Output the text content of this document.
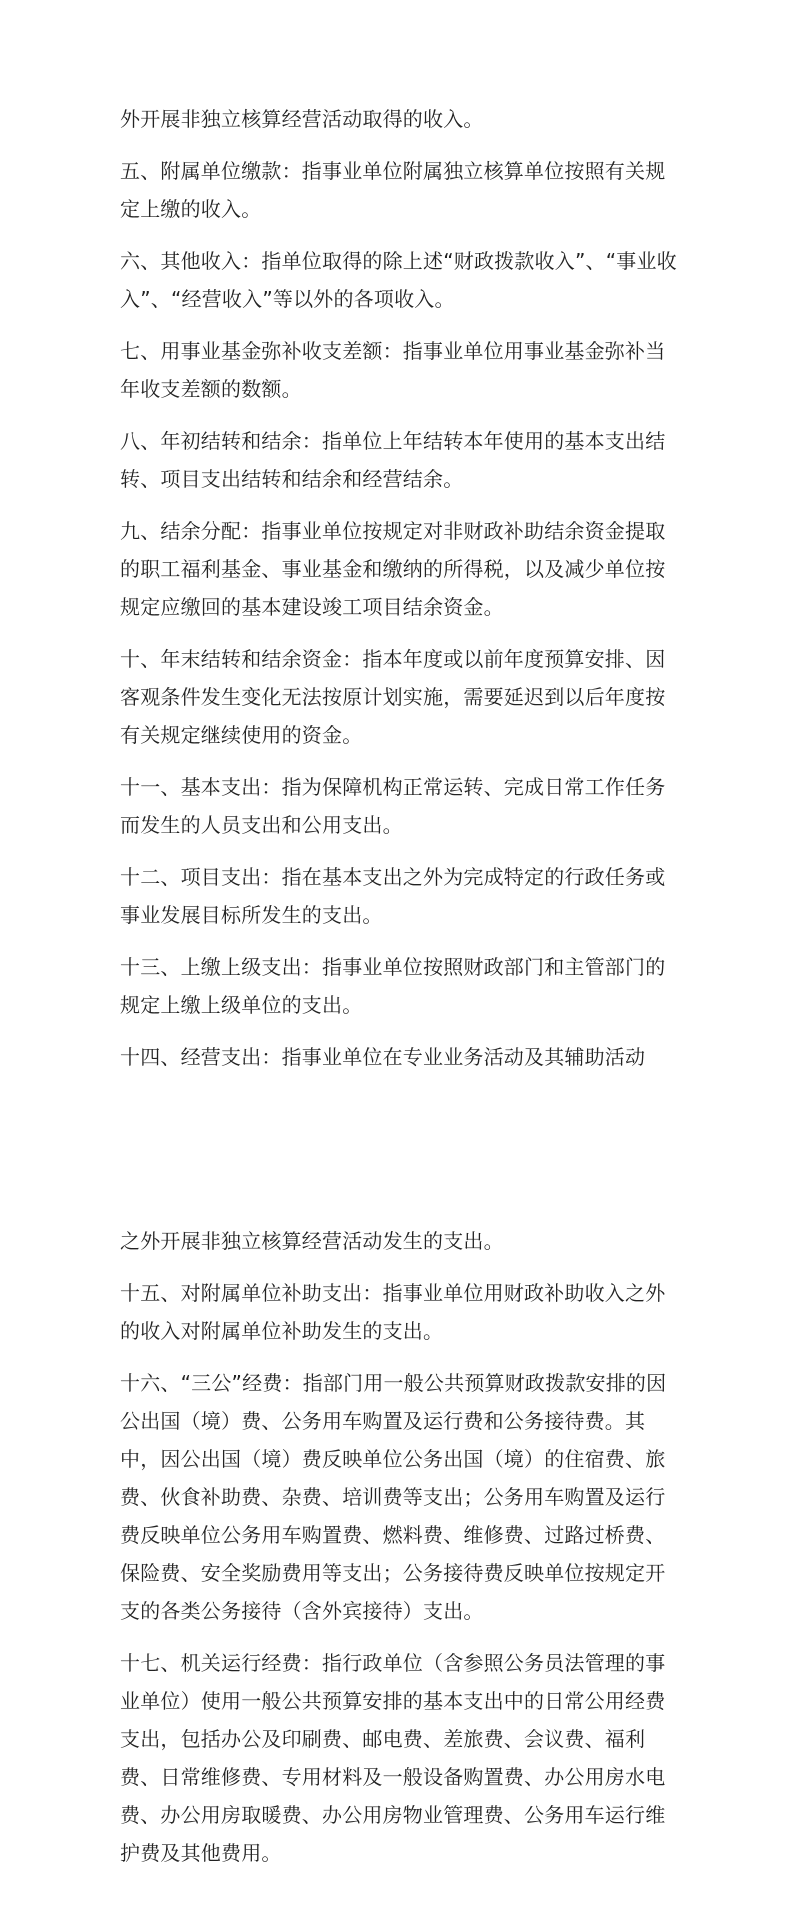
外开展非独立核算经营活动取得的收入。

五、附属单位缴款：指事业单位附属独立核算单位按照有关规定上缴的收入。

六、其他收入：指单位取得的除上述“财政拨款收入”、“事业收入”、“经营收入”等以外的各项收入。

七、用事业基金弥补收支差额：指事业单位用事业基金弥补当年收支差额的数额。

八、年初结转和结余：指单位上年结转本年使用的基本支出结转、项目支出结转和结余和经营结余。

九、结余分配：指事业单位按规定对非财政补助结余资金提取的职工福利基金、事业基金和缴纳的所得税，以及减少单位按规定应缴回的基本建设竣工项目结余资金。

十、年末结转和结余资金：指本年度或以前年度预算安排、因客观条件发生变化无法按原计划实施，需要延迟到以后年度按有关规定继续使用的资金。

十一、基本支出：指为保障机构正常运转、完成日常工作任务而发生的人员支出和公用支出。

十二、项目支出：指在基本支出之外为完成特定的行政任务或事业发展目标所发生的支出。

十三、上缴上级支出：指事业单位按照财政部门和主管部门的规定上缴上级单位的支出。

十四、经营支出：指事业单位在专业业务活动及其辅助活动

之外开展非独立核算经营活动发生的支出。

十五、对附属单位补助支出：指事业单位用财政补助收入之外的收入对附属单位补助发生的支出。

十六、“三公”经费：指部门用一般公共预算财政拨款安排的因公出国（境）费、公务用车购置及运行费和公务接待费。其中，因公出国（境）费反映单位公务出国（境）的住宿费、旅费、伙食补助费、杂费、培训费等支出；公务用车购置及运行费反映单位公务用车购置费、燃料费、维修费、过路过桥费、保险费、安全奖励费用等支出；公务接待费反映单位按规定开支的各类公务接待（含外宾接待）支出。

十七、机关运行经费：指行政单位（含参照公务员法管理的事业单位）使用一般公共预算安排的基本支出中的日常公用经费支出，包括办公及印刷费、邮电费、差旅费、会议费、福利费、日常维修费、专用材料及一般设备购置费、办公用房水电费、办公用房取暖费、办公用房物业管理费、公务用车运行维护费及其他费用。
